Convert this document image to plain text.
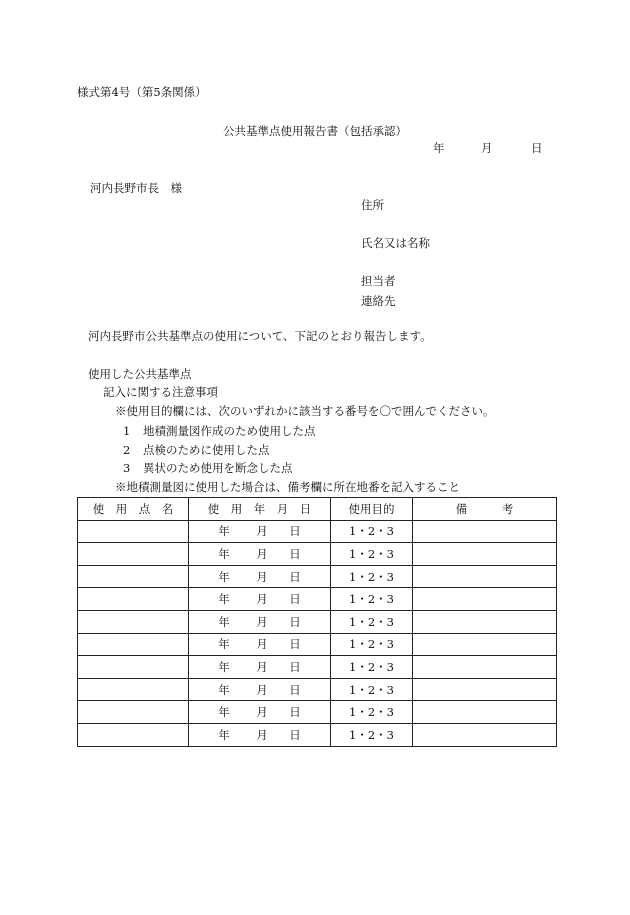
様式第4号（第5条関係）
公共基準点使用報告書（包括承認）
年	月	日
河内長野市長　様
住所
氏名又は名称
担当者
連絡先
河内長野市公共基準点の使用について、下記のとおり報告します。
使用した公共基準点
記入に関する注意事項
※使用目的欄には、次のいずれかに該当する番号を〇で囲んでください。
1 地積測量図作成のため使用した点
2 点検のために使用した点
3 異状のため使用を断念した点
※地積測量図に使用した場合は、備考欄に所在地番を記入すること
使　用　点　名	使　用　年　月　日	使用目的	備　　　考
	年 月 日	1・2・3	
	年 月 日	1・2・3	
	年 月 日	1・2・3	
	年 月 日	1・2・3	
	年 月 日	1・2・3	
	年 月 日	1・2・3	
	年 月 日	1・2・3	
	年 月 日	1・2・3	
	年 月 日	1・2・3	
	年 月 日	1・2・3	
